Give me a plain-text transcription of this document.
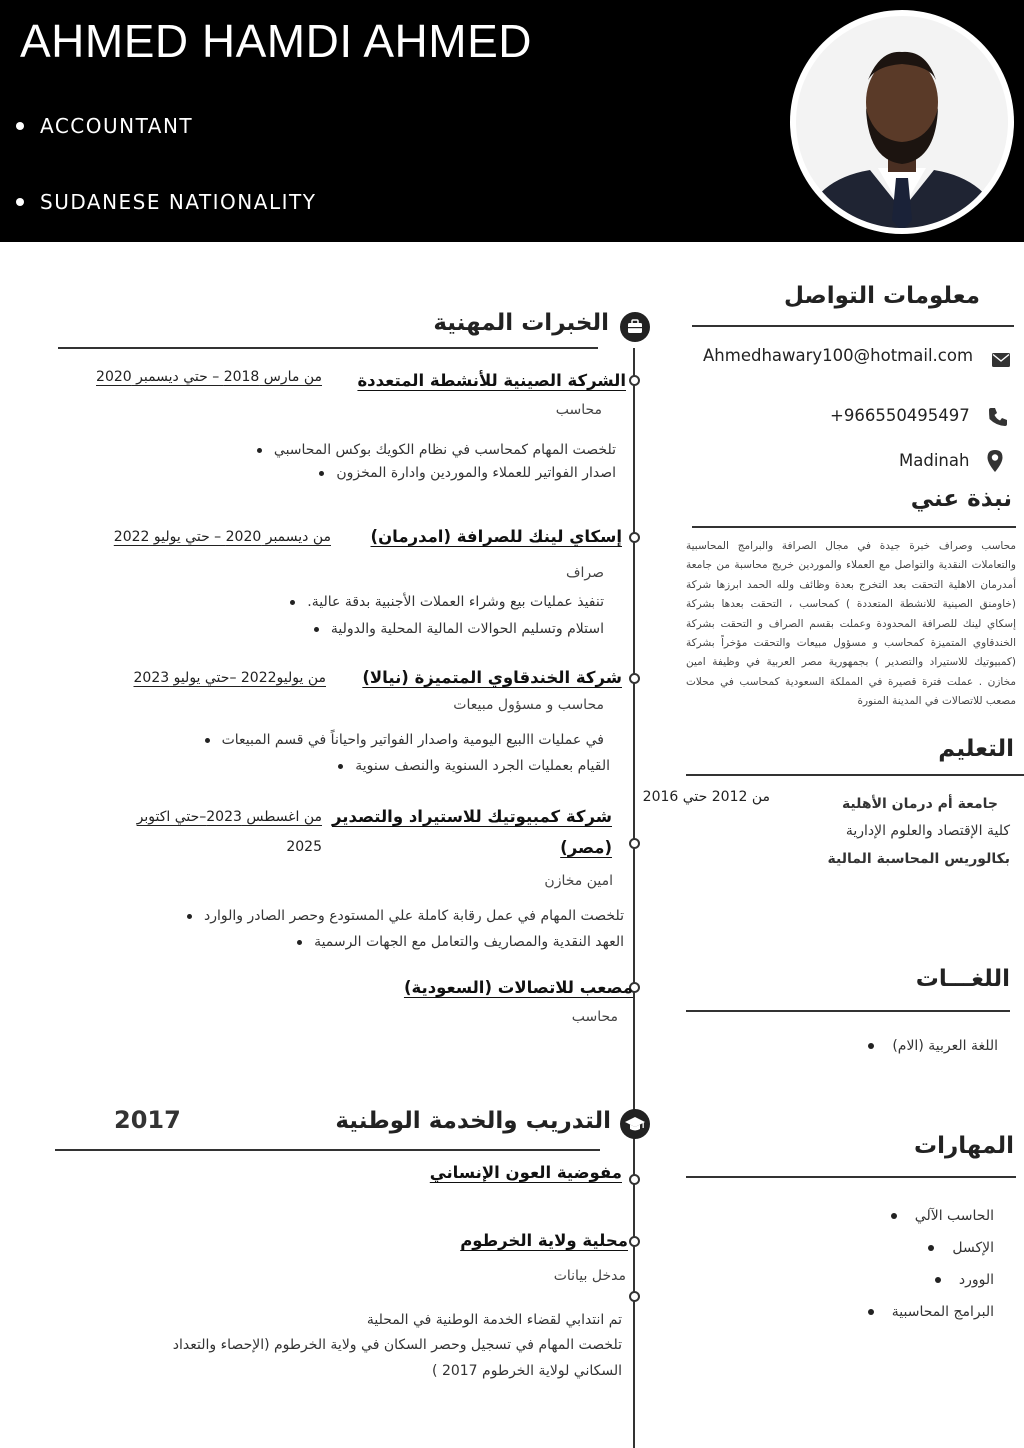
AHMED HAMDI AHMED
ACCOUNTANT
SUDANESE NATIONALITY
الخبرات المهنية
الشركة الصينية للأنشطة المتعددة
من مارس 2018 – حتي ديسمبر 2020
محاسب
تلخصت المهام كمحاسب في نظام الكويك بوكس المحاسبي
اصدار الفواتير للعملاء والموردين وادارة المخزون
إسكاي لينك للصرافة (امدرمان)
من ديسمبر 2020 – حتي يوليو 2022
صراف
تنفيذ عمليات بيع وشراء العملات الأجنبية بدقة عالية.
استلام وتسليم الحوالات المالية المحلية والدولية
شركة الخندقاوي المتميزة (نيالا)
من يوليو2022 –حتي يوليو 2023
محاسب و مسؤول مبيعات
في عمليات االبيع اليومية واصدار الفواتير واحياناً في قسم المبيعات
القيام بعمليات الجرد السنوية والنصف سنوية
شركة كمبيوتيك للاستيراد والتصدير
(مصر)
من اغسطس 2023–حتي اكتوبر
2025
امين مخازن
تلخصت المهام في عمل رقابة كاملة علي المستودع وحصر الصادر والوارد
العهد النقدية والمصاريف والتعامل مع الجهات الرسمية
مصعب للاتصالات (السعودية)
محاسب
التدريب والخدمة الوطنية
2017
مفوضية العون الإنساني
محلية ولاية الخرطوم
مدخل بيانات
تم انتدابي لقضاء الخدمة الوطنية في المحلية
تلخصت المهام في تسجيل وحصر السكان في ولاية الخرطوم (الإحصاء والتعداد
السكاني لولاية الخرطوم 2017 )
معلومات التواصل
Ahmedhawary100@hotmail.com
+966550495497
Madinah
نبذة عني
محاسب وصراف خبرة جيدة في مجال الصرافة والبرامج المحاسبية والتعاملات النقدية والتواصل مع العملاء والموردين خريج محاسبة من جامعة أمدرمان الاهلية التحقت بعد التخرج بعدة وظائف ولله الحمد ابرزها شركة (خاومنق الصينية للانشطة المتعددة ) كمحاسب ، التحقت بعدها بشركة إسكاي لينك للصرافة المحدودة وعملت بقسم الصراف و التحقت بشركة الخندقاوي المتميزة كمحاسب و مسؤول مبيعات والتحقت مؤخراً بشركة (كمبيوتيك للاستيراد والتصدير ) بجمهورية مصر العربية في وظيفة امين مخازن . عملت فترة قصيرة في المملكة السعودية كمحاسب في محلات مصعب للاتصالات في المدينة المنورة
التعليم
من 2012 حتي 2016	جامعة أم درمان الأهلية
كلية الإقتصاد والعلوم الإدارية
بكالوريس المحاسبة المالية
اللغـــات
اللغة العربية (الام)
المهارات
الحاسب الآلي
الإكسل
الوورد
البرامج المحاسبية
